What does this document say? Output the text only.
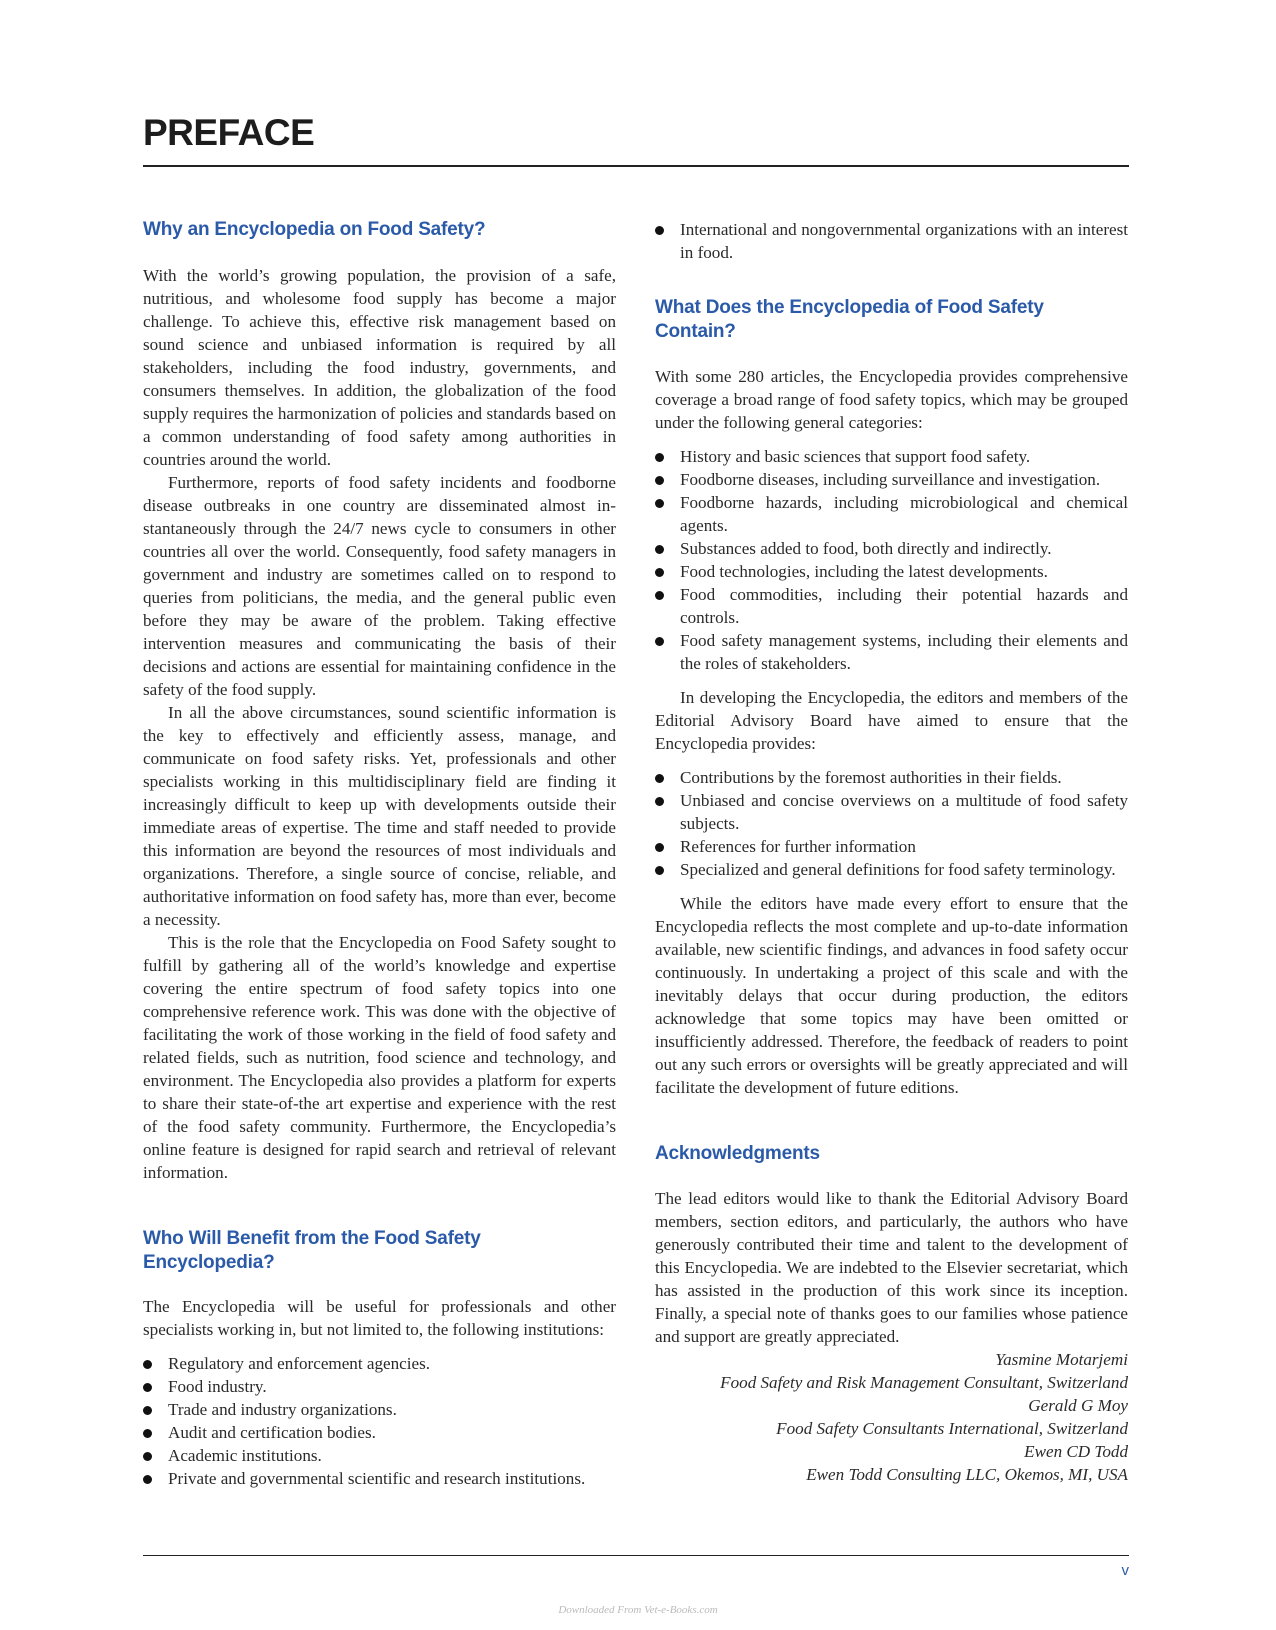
PREFACE
Why an Encyclopedia on Food Safety?

With the world’s growing population, the provision of a safe, nutritious, and wholesome food supply has become a major challenge. To achieve this, effective risk management based on sound science and unbiased information is required by all stakeholders, including the food industry, governments, and consumers themselves. In addition, the globalization of the food supply requires the harmonization of policies and standards based on a common understanding of food safety among authorities in countries around the world.

Furthermore, reports of food safety incidents and foodborne disease outbreaks in one country are disseminated almost instantaneously through the 24/7 news cycle to consumers in other countries all over the world. Consequently, food safety managers in government and industry are sometimes called on to respond to queries from politicians, the media, and the general public even before they may be aware of the problem. Taking effective intervention measures and communicating the basis of their decisions and actions are essential for maintaining confidence in the safety of the food supply.

In all the above circumstances, sound scientific information is the key to effectively and efficiently assess, manage, and communicate on food safety risks. Yet, professionals and other specialists working in this multidisciplinary field are finding it increasingly difficult to keep up with developments outside their immediate areas of expertise. The time and staff needed to provide this information are beyond the resources of most individuals and organizations. Therefore, a single source of concise, reliable, and authoritative information on food safety has, more than ever, become a necessity.

This is the role that the Encyclopedia on Food Safety sought to fulfill by gathering all of the world’s knowledge and expertise covering the entire spectrum of food safety topics into one comprehensive reference work. This was done with the objective of facilitating the work of those working in the field of food safety and related fields, such as nutrition, food science and technology, and environment. The Encyclopedia also provides a platform for experts to share their state-of-the art expertise and experience with the rest of the food safety community. Furthermore, the Encyclopedia’s online feature is designed for rapid search and retrieval of relevant information.

Who Will Benefit from the Food Safety Encyclopedia?

The Encyclopedia will be useful for professionals and other specialists working in, but not limited to, the following institutions:

Regulatory and enforcement agencies.
Food industry.
Trade and industry organizations.
Audit and certification bodies.
Academic institutions.
Private and governmental scientific and research institutions.
International and nongovernmental organizations with an interest in food.
What Does the Encyclopedia of Food Safety Contain?

With some 280 articles, the Encyclopedia provides comprehensive coverage a broad range of food safety topics, which may be grouped under the following general categories:

History and basic sciences that support food safety.
Foodborne diseases, including surveillance and investigation.
Foodborne hazards, including microbiological and chemical agents.
Substances added to food, both directly and indirectly.
Food technologies, including the latest developments.
Food commodities, including their potential hazards and controls.
Food safety management systems, including their elements and the roles of stakeholders.

In developing the Encyclopedia, the editors and members of the Editorial Advisory Board have aimed to ensure that the Encyclopedia provides:

Contributions by the foremost authorities in their fields.
Unbiased and concise overviews on a multitude of food safety subjects.
References for further information
Specialized and general definitions for food safety terminology.

While the editors have made every effort to ensure that the Encyclopedia reflects the most complete and up-to-date information available, new scientific findings, and advances in food safety occur continuously. In undertaking a project of this scale and with the inevitably delays that occur during production, the editors acknowledge that some topics may have been omitted or insufficiently addressed. Therefore, the feedback of readers to point out any such errors or oversights will be greatly appreciated and will facilitate the development of future editions.

Acknowledgments

The lead editors would like to thank the Editorial Advisory Board members, section editors, and particularly, the authors who have generously contributed their time and talent to the development of this Encyclopedia. We are indebted to the Elsevier secretariat, which has assisted in the production of this work since its inception. Finally, a special note of thanks goes to our families whose patience and support are greatly appreciated.

Yasmine Motarjemi
Food Safety and Risk Management Consultant, Switzerland
Gerald G Moy
Food Safety Consultants International, Switzerland
Ewen CD Todd
Ewen Todd Consulting LLC, Okemos, MI, USA
v
Downloaded From Vet-e-Books.com
